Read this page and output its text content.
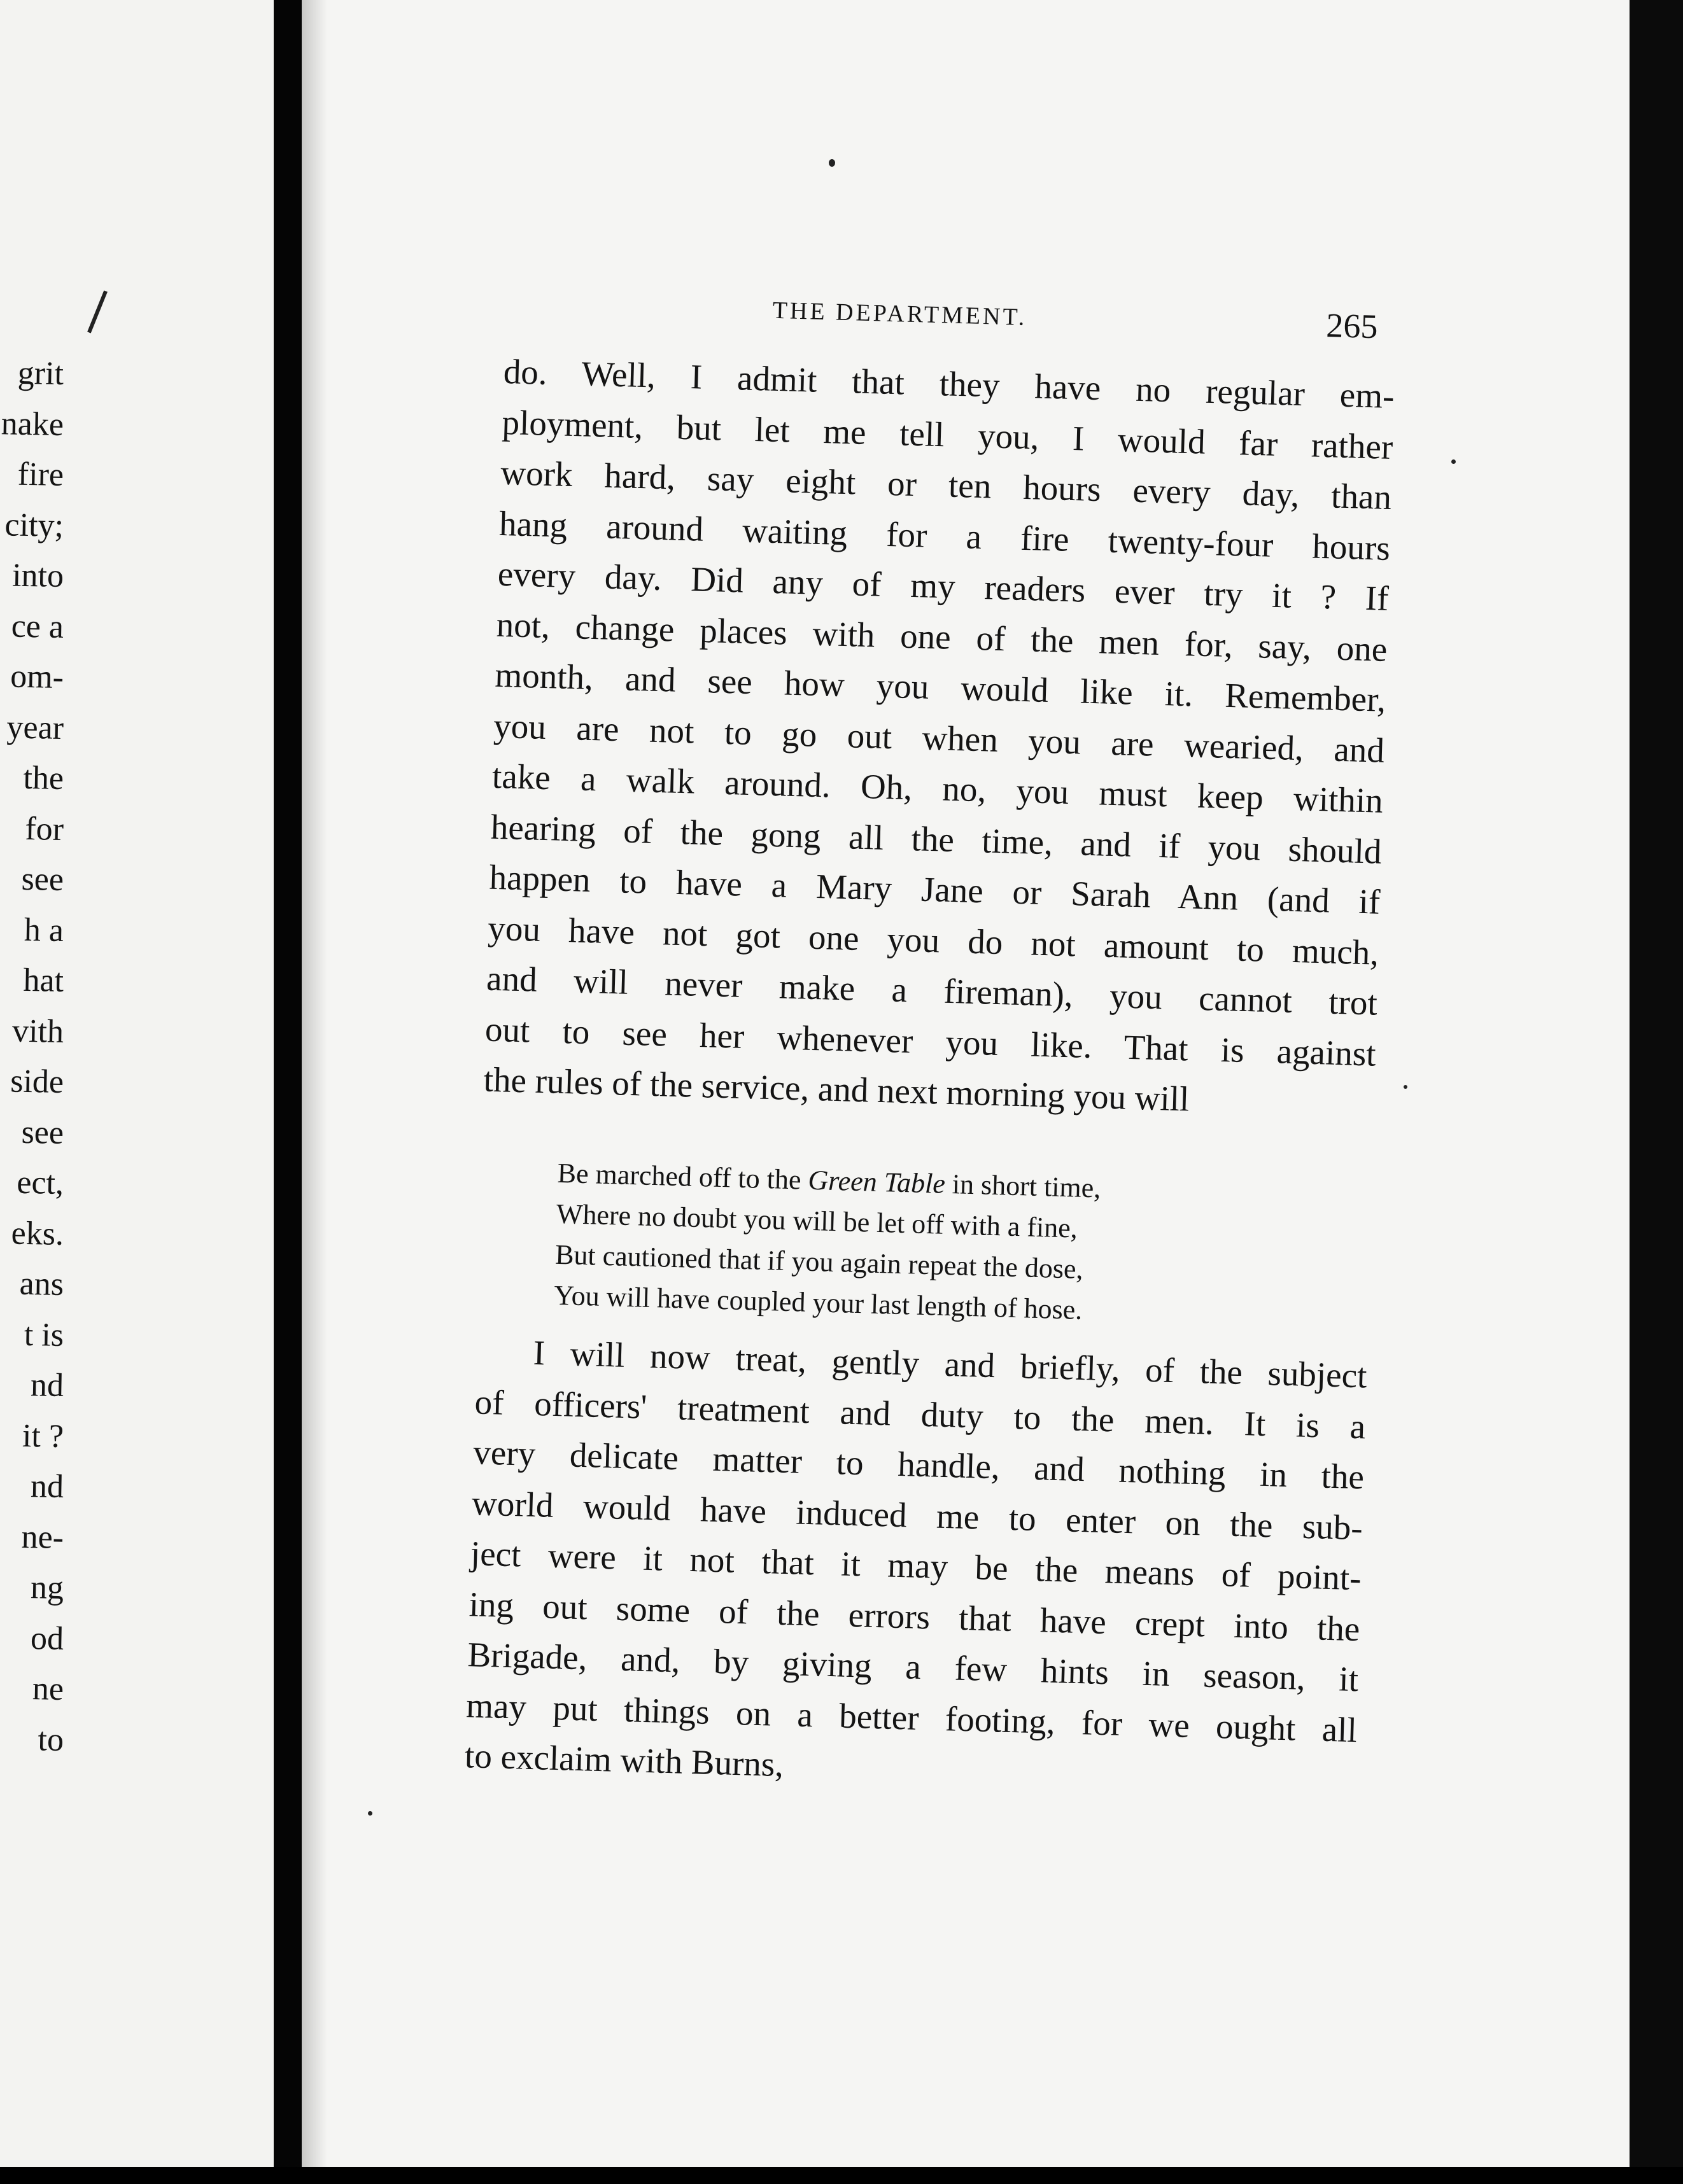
grit
nake
fire
city;
into
ce a
om-
year
the
for
see
h a
hat
vith
side
see
ect,
eks.
ans
t is
nd
it ?
nd
ne-
ng
od
ne
to
THE DEPARTMENT.	265
do. Well, I admit that they have no regular em-
ployment, but let me tell you, I would far rather
work hard, say eight or ten hours every day, than
hang around waiting for a fire twenty-four hours
every day. Did any of my readers ever try it ? If
not, change places with one of the men for, say, one
month, and see how you would like it. Remember,
you are not to go out when you are wearied, and
take a walk around. Oh, no, you must keep within
hearing of the gong all the time, and if you should
happen to have a Mary Jane or Sarah Ann (and if
you have not got one you do not amount to much,
and will never make a fireman), you cannot trot
out to see her whenever you like. That is against
the rules of the service, and next morning you will
Be marched off to the Green Table in short time,
Where no doubt you will be let off with a fine,
But cautioned that if you again repeat the dose,
You will have coupled your last length of hose.
I will now treat, gently and briefly, of the subject
of officers' treatment and duty to the men. It is a
very delicate matter to handle, and nothing in the
world would have induced me to enter on the sub-
ject were it not that it may be the means of point-
ing out some of the errors that have crept into the
Brigade, and, by giving a few hints in season, it
may put things on a better footing, for we ought all
to exclaim with Burns,
